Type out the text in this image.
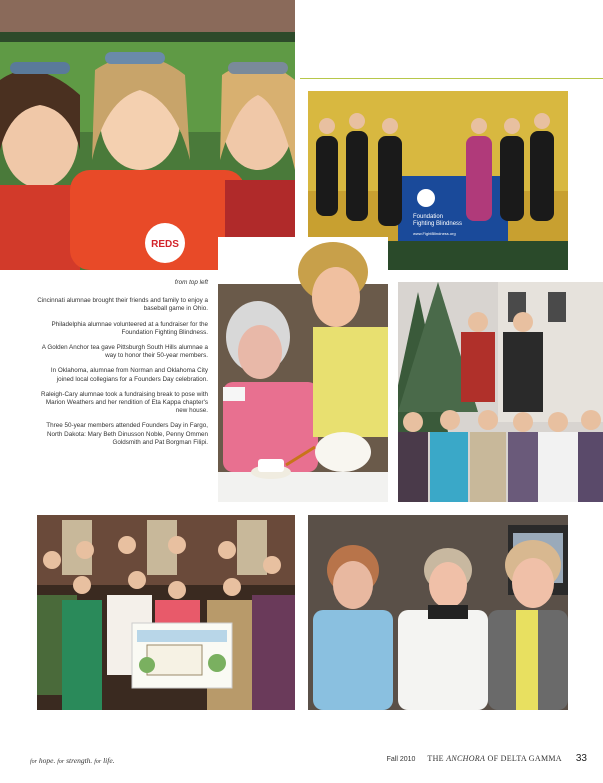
REDS
Foundation
Fighting Blindness
www.FightBlindness.org
from top left

Cincinnati alumnae brought their friends and family to enjoy a baseball game in Ohio.

Philadelphia alumnae volunteered at a fundraiser for the Foundation Fighting Blindness.

A Golden Anchor tea gave Pittsburgh South Hills alumnae a way to honor their 50-year members.

In Oklahoma, alumnae from Norman and Oklahoma City joined local collegians for a Founders Day celebration.

Raleigh-Cary alumnae took a fundraising break to pose with Marion Weathers and her rendition of Eta Kappa chapter's new house.

Three 50-year members attended Founders Day in Fargo, North Dakota: Mary Beth Dinusson Noble, Penny Ommen Goldsmith and Pat Borgman Filipi.

for hope. for strength. for life.	Fall 2010 THE ANCHORA OF DELTA GAMMA 33
